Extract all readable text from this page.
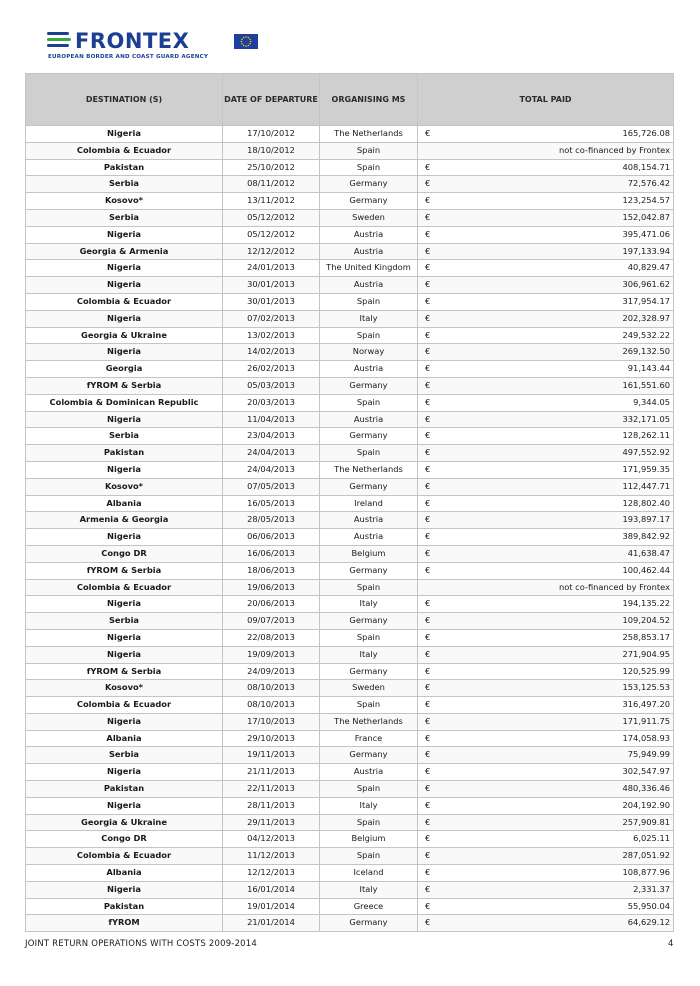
FRONTEX
EUROPEAN BORDER AND COAST GUARD AGENCY
DESTINATION (S)	DATE OF DEPARTURE	ORGANISING MS	TOTAL PAID	
Nigeria	17/10/2012	The Netherlands	€	165,726.08
Colombia & Ecuador	18/10/2012	Spain	not co-financed by Frontex	
Pakistan	25/10/2012	Spain	€	408,154.71
Serbia	08/11/2012	Germany	€	72,576.42
Kosovo*	13/11/2012	Germany	€	123,254.57
Serbia	05/12/2012	Sweden	€	152,042.87
Nigeria	05/12/2012	Austria	€	395,471.06
Georgia & Armenia	12/12/2012	Austria	€	197,133.94
Nigeria	24/01/2013	The United Kingdom	€	40,829.47
Nigeria	30/01/2013	Austria	€	306,961.62
Colombia & Ecuador	30/01/2013	Spain	€	317,954.17
Nigeria	07/02/2013	Italy	€	202,328.97
Georgia & Ukraine	13/02/2013	Spain	€	249,532.22
Nigeria	14/02/2013	Norway	€	269,132.50
Georgia	26/02/2013	Austria	€	91,143.44
fYROM & Serbia	05/03/2013	Germany	€	161,551.60
Colombia & Dominican Republic	20/03/2013	Spain	€	9,344.05
Nigeria	11/04/2013	Austria	€	332,171.05
Serbia	23/04/2013	Germany	€	128,262.11
Pakistan	24/04/2013	Spain	€	497,552.92
Nigeria	24/04/2013	The Netherlands	€	171,959.35
Kosovo*	07/05/2013	Germany	€	112,447.71
Albania	16/05/2013	Ireland	€	128,802.40
Armenia & Georgia	28/05/2013	Austria	€	193,897.17
Nigeria	06/06/2013	Austria	€	389,842.92
Congo DR	16/06/2013	Belgium	€	41,638.47
fYROM & Serbia	18/06/2013	Germany	€	100,462.44
Colombia & Ecuador	19/06/2013	Spain	not co-financed by Frontex	
Nigeria	20/06/2013	Italy	€	194,135.22
Serbia	09/07/2013	Germany	€	109,204.52
Nigeria	22/08/2013	Spain	€	258,853.17
Nigeria	19/09/2013	Italy	€	271,904.95
fYROM & Serbia	24/09/2013	Germany	€	120,525.99
Kosovo*	08/10/2013	Sweden	€	153,125.53
Colombia & Ecuador	08/10/2013	Spain	€	316,497.20
Nigeria	17/10/2013	The Netherlands	€	171,911.75
Albania	29/10/2013	France	€	174,058.93
Serbia	19/11/2013	Germany	€	75,949.99
Nigeria	21/11/2013	Austria	€	302,547.97
Pakistan	22/11/2013	Spain	€	480,336.46
Nigeria	28/11/2013	Italy	€	204,192.90
Georgia & Ukraine	29/11/2013	Spain	€	257,909.81
Congo DR	04/12/2013	Belgium	€	6,025.11
Colombia & Ecuador	11/12/2013	Spain	€	287,051.92
Albania	12/12/2013	Iceland	€	108,877.96
Nigeria	16/01/2014	Italy	€	2,331.37
Pakistan	19/01/2014	Greece	€	55,950.04
fYROM	21/01/2014	Germany	€	64,629.12
JOINT RETURN OPERATIONS WITH COSTS 2009-2014	4
